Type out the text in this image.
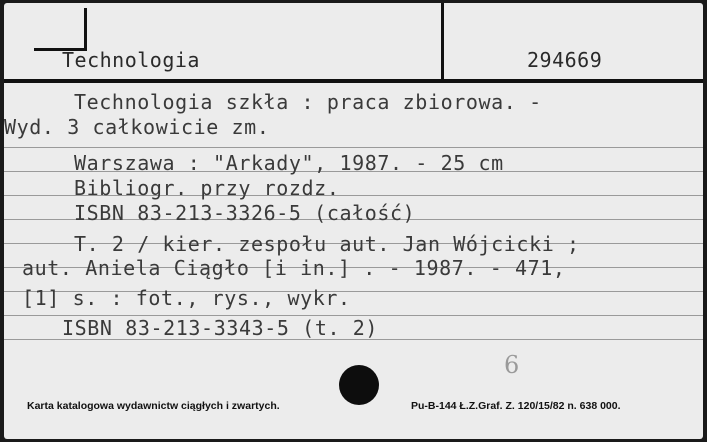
Technologia	294669
Technologia szkła : praca zbiorowa. -
Wyd. 3 całkowicie zm.
Warszawa : "Arkady", 1987. - 25 cm
Bibliogr. przy rozdz.
ISBN 83-213-3326-5 (całość)
T. 2 / kier. zespołu aut. Jan Wójcicki ;
aut. Aniela Ciągło [i in.] . - 1987. - 471,
[1] s. : fot., rys., wykr.
ISBN 83-213-3343-5 (t. 2)
6
Karta katalogowa wydawnictw ciągłych i zwartych.	Pu-B-144 Ł.Z.Graf. Z. 120/15/82 n. 638 000.
